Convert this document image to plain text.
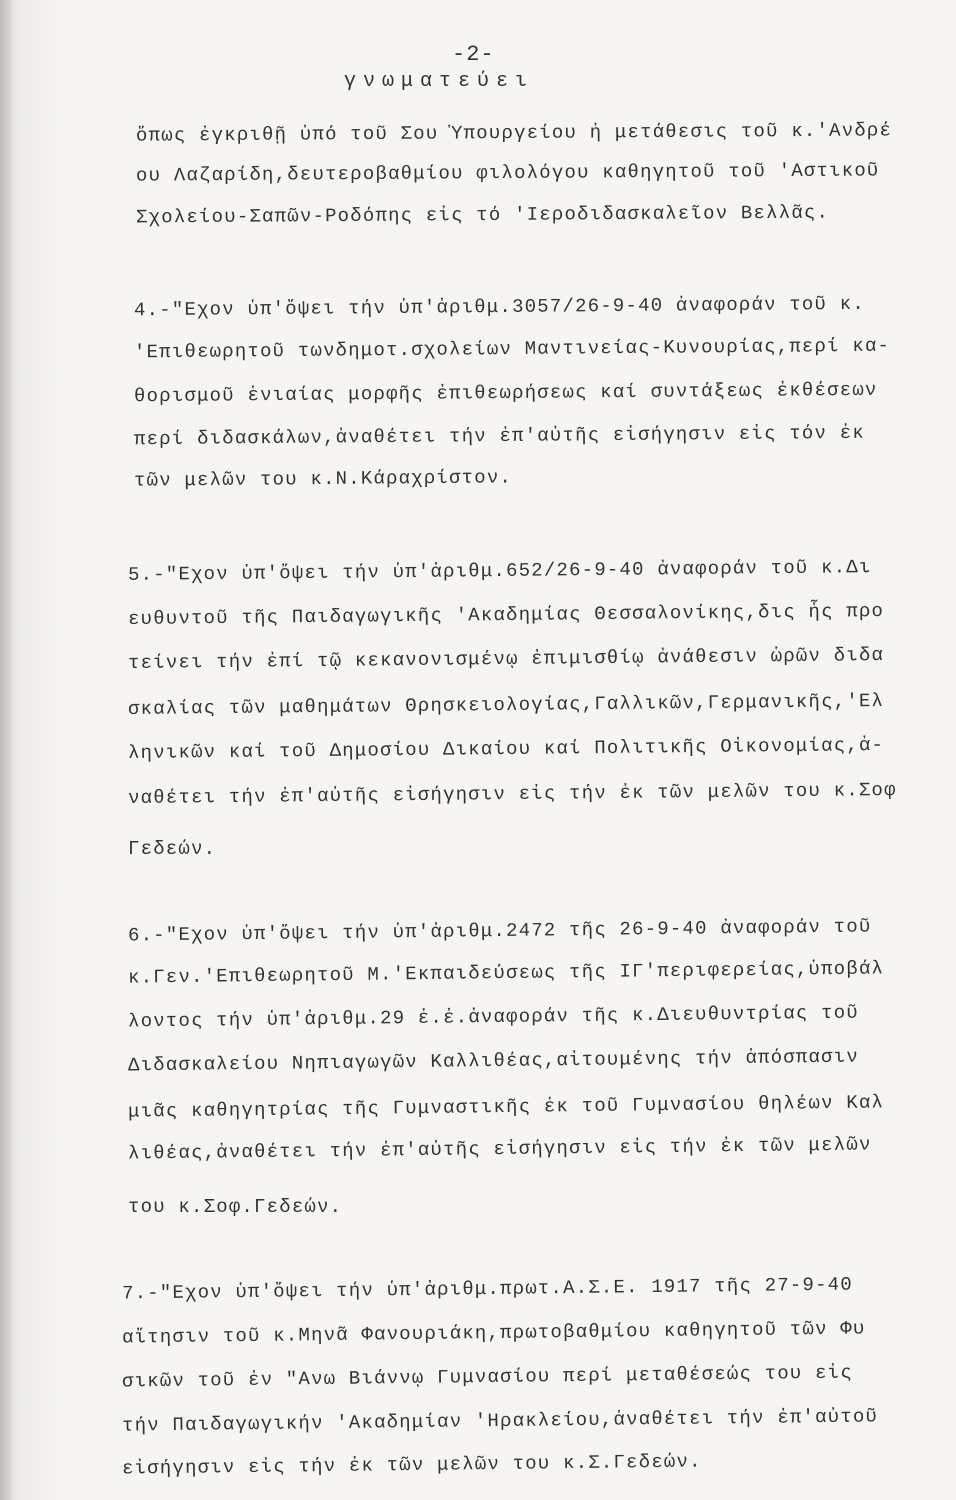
-2-
γνωματεύει
ὅπως ἐγκριθῇ ὑπό τοῦ Σου Ὑπουργείου ἡ μετάθεσις τοῦ κ.'Ανδρέ
ου Λαζαρίδη,δευτεροβαθμίου φιλολόγου καθηγητοῦ τοῦ 'Αστικοῦ
Σχολείου-Σαπῶν-Ροδόπης εἰς τό 'Ιεροδιδασκαλεῖον Βελλᾶς.
4.-"Εχον ὑπ'ὄψει τήν ὑπ'ἀριθμ.3057/26-9-40 ἀναφοράν τοῦ κ.
'Επιθεωρητοῦ τωνδημοτ.σχολείων Μαντινείας-Κυνουρίας,περί κα-
θορισμοῦ ἑνιαίας μορφῆς ἐπιθεωρήσεως καί συντάξεως ἐκθέσεων
περί διδασκάλων,ἀναθέτει τήν ἐπ'αὐτῆς εἰσήγησιν εἰς τόν ἐκ
τῶν μελῶν του κ.Ν.Κάραχρίστον.
5.-"Εχον ὑπ'ὄψει τήν ὑπ'ἀριθμ.652/26-9-40 ἀναφοράν τοῦ κ.Δι
ευθυντοῦ τῆς Παιδαγωγικῆς 'Ακαδημίας Θεσσαλονίκης,δις ἧς προ
τείνει τήν ἐπί τῷ κεκανονισμένῳ ἐπιμισθίῳ ἀνάθεσιν ὡρῶν διδα
σκαλίας τῶν μαθημάτων Θρησκειολογίας,Γαλλικῶν,Γερμανικῆς,'Ελ
ληνικῶν καί τοῦ Δημοσίου Δικαίου καί Πολιτικῆς Οἰκονομίας,ἀ-
ναθέτει τήν ἐπ'αὐτῆς εἰσήγησιν εἰς τήν ἐκ τῶν μελῶν του κ.Σοφ
Γεδεών.
6.-"Εχον ὑπ'ὄψει τήν ὑπ'ἀριθμ.2472 τῆς 26-9-40 ἀναφοράν τοῦ
κ.Γεν.'Επιθεωρητοῦ Μ.'Εκπαιδεύσεως τῆς ΙΓ'περιφερείας,ὑποβάλ
λοντος τήν ὑπ'ἀριθμ.29 ἐ.ἐ.ἀναφοράν τῆς κ.Διευθυντρίας τοῦ
Διδασκαλείου Νηπιαγωγῶν Καλλιθέας,αἰτουμένης τήν ἀπόσπασιν
μιᾶς καθηγητρίας τῆς Γυμναστικῆς ἐκ τοῦ Γυμνασίου θηλέων Καλ
λιθέας,ἀναθέτει τήν ἐπ'αὐτῆς εἰσήγησιν εἰς τήν ἐκ τῶν μελῶν
του κ.Σοφ.Γεδεών.
7.-"Εχον ὑπ'ὄψει τήν ὑπ'ἀριθμ.πρωτ.Α.Σ.Ε. 1917 τῆς 27-9-40
αἴτησιν τοῦ κ.Μηνᾶ Φανουριάκη,πρωτοβαθμίου καθηγητοῦ τῶν Φυ
σικῶν τοῦ ἐν "Ανω Βιάννῳ Γυμνασίου περί μεταθέσεώς του εἰς
τήν Παιδαγωγικήν 'Ακαδημίαν 'Ηρακλείου,ἀναθέτει τήν ἐπ'αὐτοῦ
εἰσήγησιν εἰς τήν ἐκ τῶν μελῶν του κ.Σ.Γεδεών.
